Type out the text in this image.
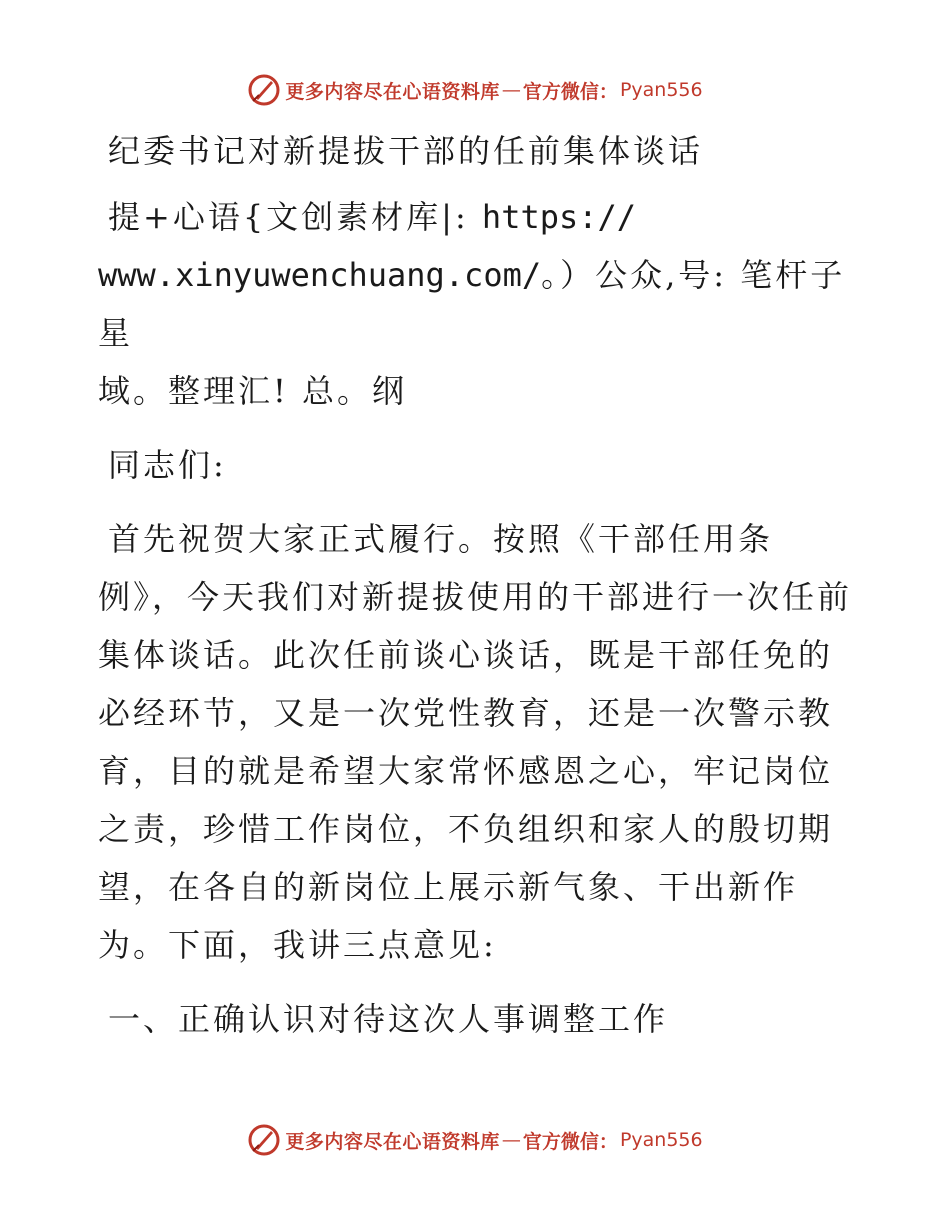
更多内容尽在心语资料库 — 官方微信： Pyan556

纪委书记对新提拔干部的任前集体谈话

提+心语{文创素材库|: https://

www.xinyuwenchuang.com/。）公众,号: 笔杆子星

域。整理汇! 总。纲

同志们:

首先祝贺大家正式履行。按照《干部任用条例》，今天我们对新提拔使用的干部进行一次任前集体谈话。此次任前谈心谈话，既是干部任免的必经环节，又是一次党性教育，还是一次警示教育，目的就是希望大家常怀感恩之心，牢记岗位之责，珍惜工作岗位，不负组织和家人的殷切期望，在各自的新岗位上展示新气象、干出新作为。下面，我讲三点意见:

一、正确认识对待这次人事调整工作

更多内容尽在心语资料库 — 官方微信： Pyan556
